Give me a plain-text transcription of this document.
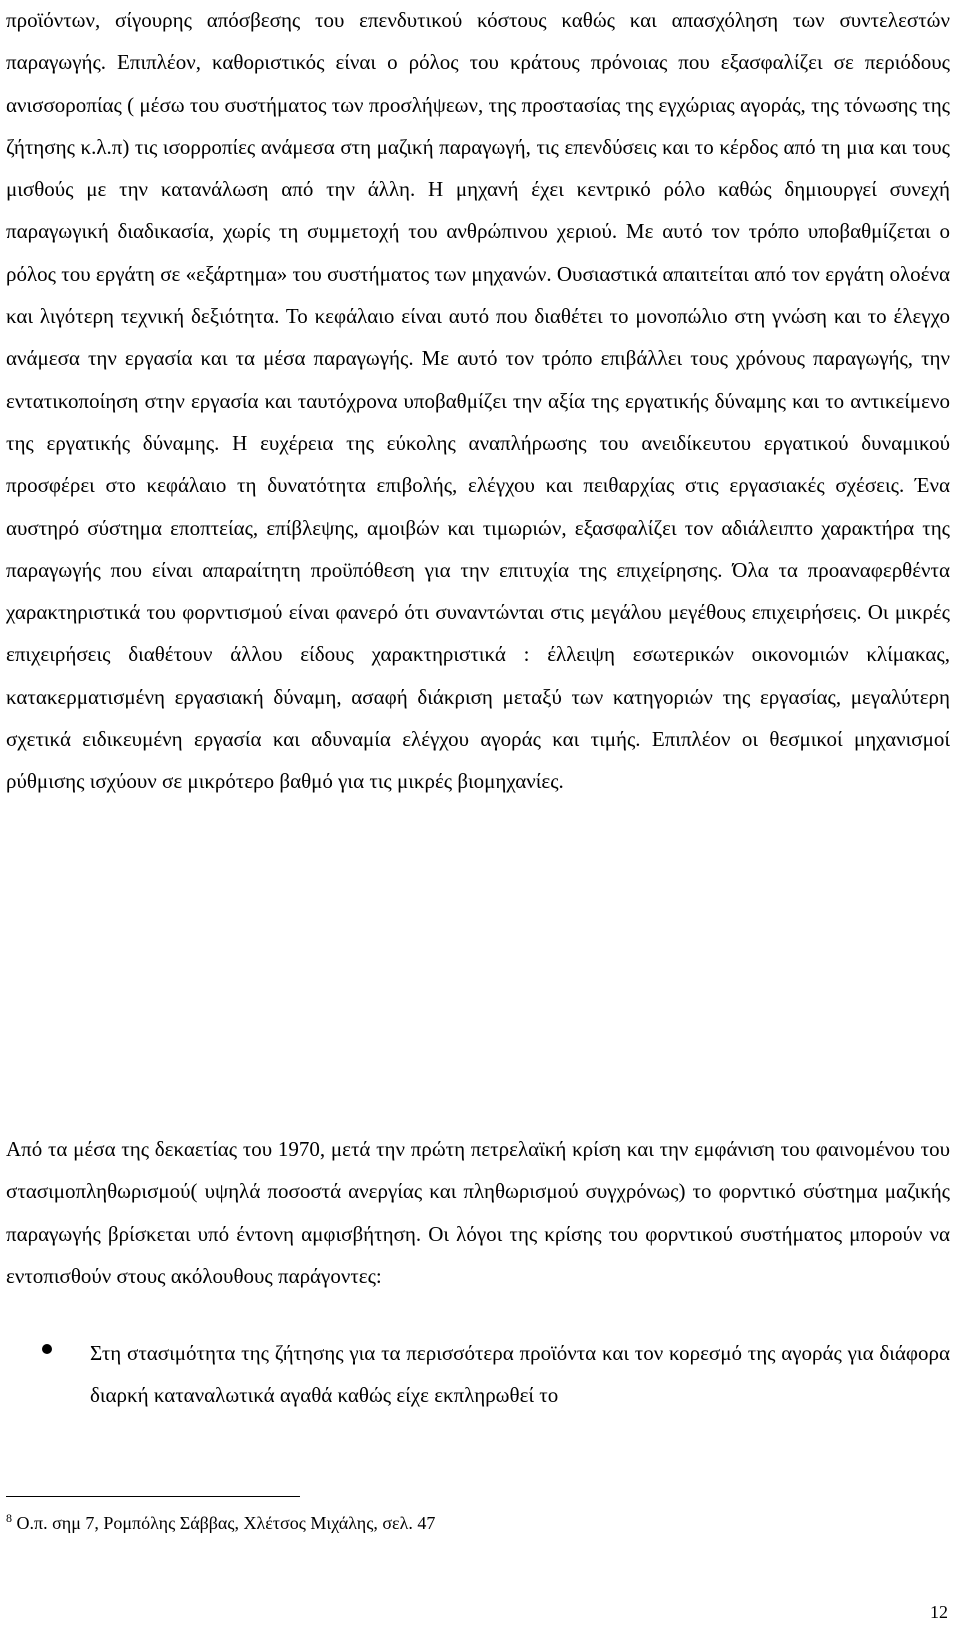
προϊόντων, σίγουρης απόσβεσης του επενδυτικού κόστους καθώς και απασχόληση των συντελεστών παραγωγής. Επιπλέον, καθοριστικός είναι ο ρόλος του κράτους πρόνοιας που εξασφαλίζει σε περιόδους ανισσοροπίας ( μέσω του συστήματος των προσλήψεων, της προστασίας της εγχώριας αγοράς, της τόνωσης της ζήτησης κ.λ.π) τις ισορροπίες ανάμεσα στη μαζική παραγωγή, τις επενδύσεις και το κέρδος από τη μια και τους μισθούς με την κατανάλωση από την άλλη. Η μηχανή έχει κεντρικό ρόλο καθώς δημιουργεί συνεχή παραγωγική διαδικασία, χωρίς τη συμμετοχή του ανθρώπινου χεριού. Με αυτό τον τρόπο υποβαθμίζεται ο ρόλος του εργάτη σε «εξάρτημα» του συστήματος των μηχανών. Ουσιαστικά απαιτείται από τον εργάτη ολοένα και λιγότερη τεχνική δεξιότητα. Το κεφάλαιο είναι αυτό που διαθέτει το μονοπώλιο στη γνώση και το έλεγχο ανάμεσα την εργασία και τα μέσα παραγωγής. Με αυτό τον τρόπο επιβάλλει τους χρόνους παραγωγής, την εντατικοποίηση στην εργασία και ταυτόχρονα υποβαθμίζει την αξία της εργατικής δύναμης και το αντικείμενο της εργατικής δύναμης. Η ευχέρεια της εύκολης αναπλήρωσης του ανειδίκευτου εργατικού δυναμικού προσφέρει στο κεφάλαιο τη δυνατότητα επιβολής, ελέγχου και πειθαρχίας στις εργασιακές σχέσεις. Ένα αυστηρό σύστημα εποπτείας, επίβλεψης, αμοιβών και τιμωριών, εξασφαλίζει τον αδιάλειπτο χαρακτήρα της παραγωγής που είναι απαραίτητη προϋπόθεση για την επιτυχία της επιχείρησης. Όλα τα προαναφερθέντα χαρακτηριστικά του φορντισμού είναι φανερό ότι συναντώνται στις μεγάλου μεγέθους επιχειρήσεις. Οι μικρές επιχειρήσεις διαθέτουν άλλου είδους χαρακτηριστικά : έλλειψη εσωτερικών οικονομιών κλίμακας, κατακερματισμένη εργασιακή δύναμη, ασαφή διάκριση μεταξύ των κατηγοριών της εργασίας, μεγαλύτερη σχετικά ειδικευμένη εργασία και αδυναμία ελέγχου αγοράς και τιμής. Επιπλέον οι θεσμικοί μηχανισμοί ρύθμισης ισχύουν σε μικρότερο βαθμό για τις μικρές βιομηχανίες.

Από τα μέσα της δεκαετίας του 1970, μετά την πρώτη πετρελαϊκή κρίση και την εμφάνιση του φαινομένου του στασιμοπληθωρισμού( υψηλά ποσοστά ανεργίας και πληθωρισμού συγχρόνως) το φορντικό σύστημα μαζικής παραγωγής βρίσκεται υπό έντονη αμφισβήτηση. Οι λόγοι της κρίσης του φορντικού συστήματος μπορούν να εντοπισθούν στους ακόλουθους παράγοντες:

Στη στασιμότητα της ζήτησης για τα περισσότερα προϊόντα και τον κορεσμό της αγοράς για διάφορα διαρκή καταναλωτικά αγαθά καθώς είχε εκπληρωθεί το

$^8$ Ο.π. σημ 7, Ρομπόλης Σάββας, Χλέτσος Μιχάλης, σελ. 47

12
